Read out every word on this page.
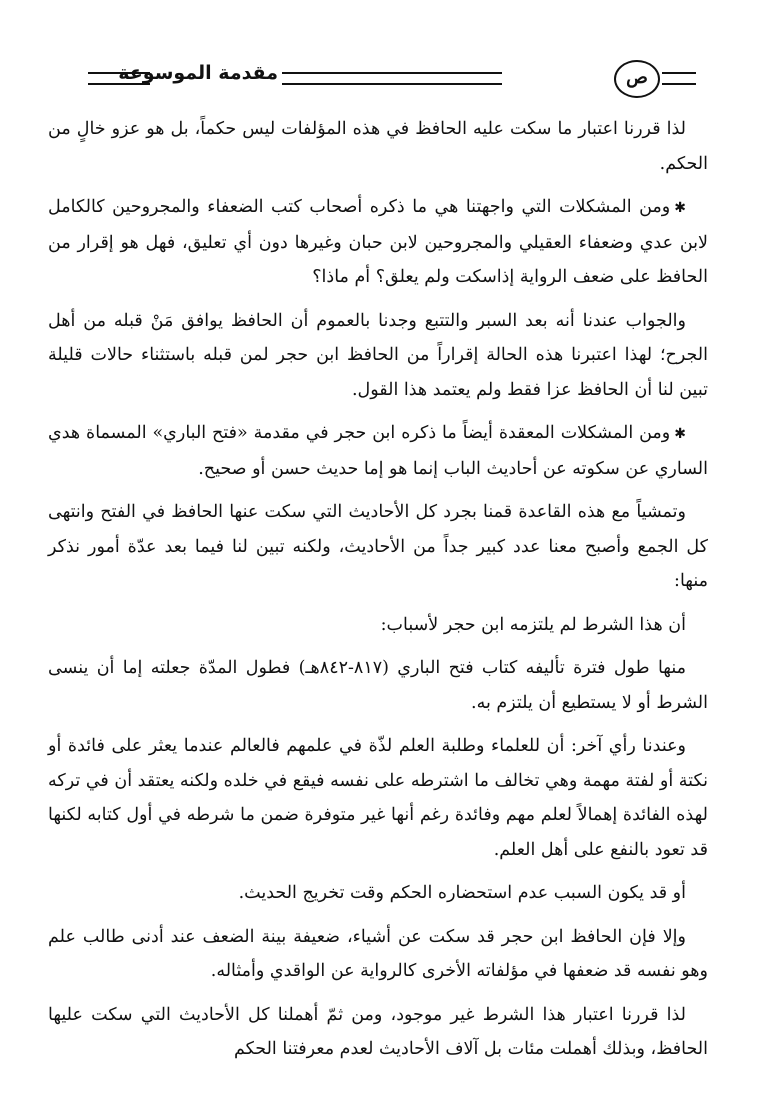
مقدمة الموسوعة	ص

لذا قررنا اعتبار ما سكت عليه الحافظ في هذه المؤلفات ليس حكماً، بل هو عزو خالٍ من الحكم.

✱ومن المشكلات التي واجهتنا هي ما ذكره أصحاب كتب الضعفاء والمجروحين كالكامل لابن عدي وضعفاء العقيلي والمجروحين لابن حبان وغيرها دون أي تعليق، فهل هو إقرار من الحافظ على ضعف الرواية إذاسكت ولم يعلق؟ أم ماذا؟

والجواب عندنا أنه بعد السبر والتتبع وجدنا بالعموم أن الحافظ يوافق مَنْ قبله من أهل الجرح؛ لهذا اعتبرنا هذه الحالة إقراراً من الحافظ ابن حجر لمن قبله باستثناء حالات قليلة تبين لنا أن الحافظ عزا فقط ولم يعتمد هذا القول.

✱ومن المشكلات المعقدة أيضاً ما ذكره ابن حجر في مقدمة «فتح الباري» المسماة هدي الساري عن سكوته عن أحاديث الباب إنما هو إما حديث حسن أو صحيح.

وتمشياً مع هذه القاعدة قمنا بجرد كل الأحاديث التي سكت عنها الحافظ في الفتح وانتهى كل الجمع وأصبح معنا عدد كبير جداً من الأحاديث، ولكنه تبين لنا فيما بعد عدّة أمور نذكر منها:

أن هذا الشرط لم يلتزمه ابن حجر لأسباب:

منها طول فترة تأليفه كتاب فتح الباري (٨١٧-٨٤٢هـ) فطول المدّة جعلته إما أن ينسى الشرط أو لا يستطيع أن يلتزم به.

وعندنا رأي آخر: أن للعلماء وطلبة العلم لذّة في علمهم فالعالم عندما يعثر على فائدة أو نكتة أو لفتة مهمة وهي تخالف ما اشترطه على نفسه فيقع في خلده ولكنه يعتقد أن في تركه لهذه الفائدة إهمالاً لعلم مهم وفائدة رغم أنها غير متوفرة ضمن ما شرطه في أول كتابه لكنها قد تعود بالنفع على أهل العلم.

أو قد يكون السبب عدم استحضاره الحكم وقت تخريج الحديث.

وإلا فإن الحافظ ابن حجر قد سكت عن أشياء، ضعيفة بينة الضعف عند أدنى طالب علم وهو نفسه قد ضعفها في مؤلفاته الأخرى كالرواية عن الواقدي وأمثاله.

لذا قررنا اعتبار هذا الشرط غير موجود، ومن ثمّ أهملنا كل الأحاديث التي سكت عليها الحافظ، وبذلك أهملت مئات بل آلاف الأحاديث لعدم معرفتنا الحكم
